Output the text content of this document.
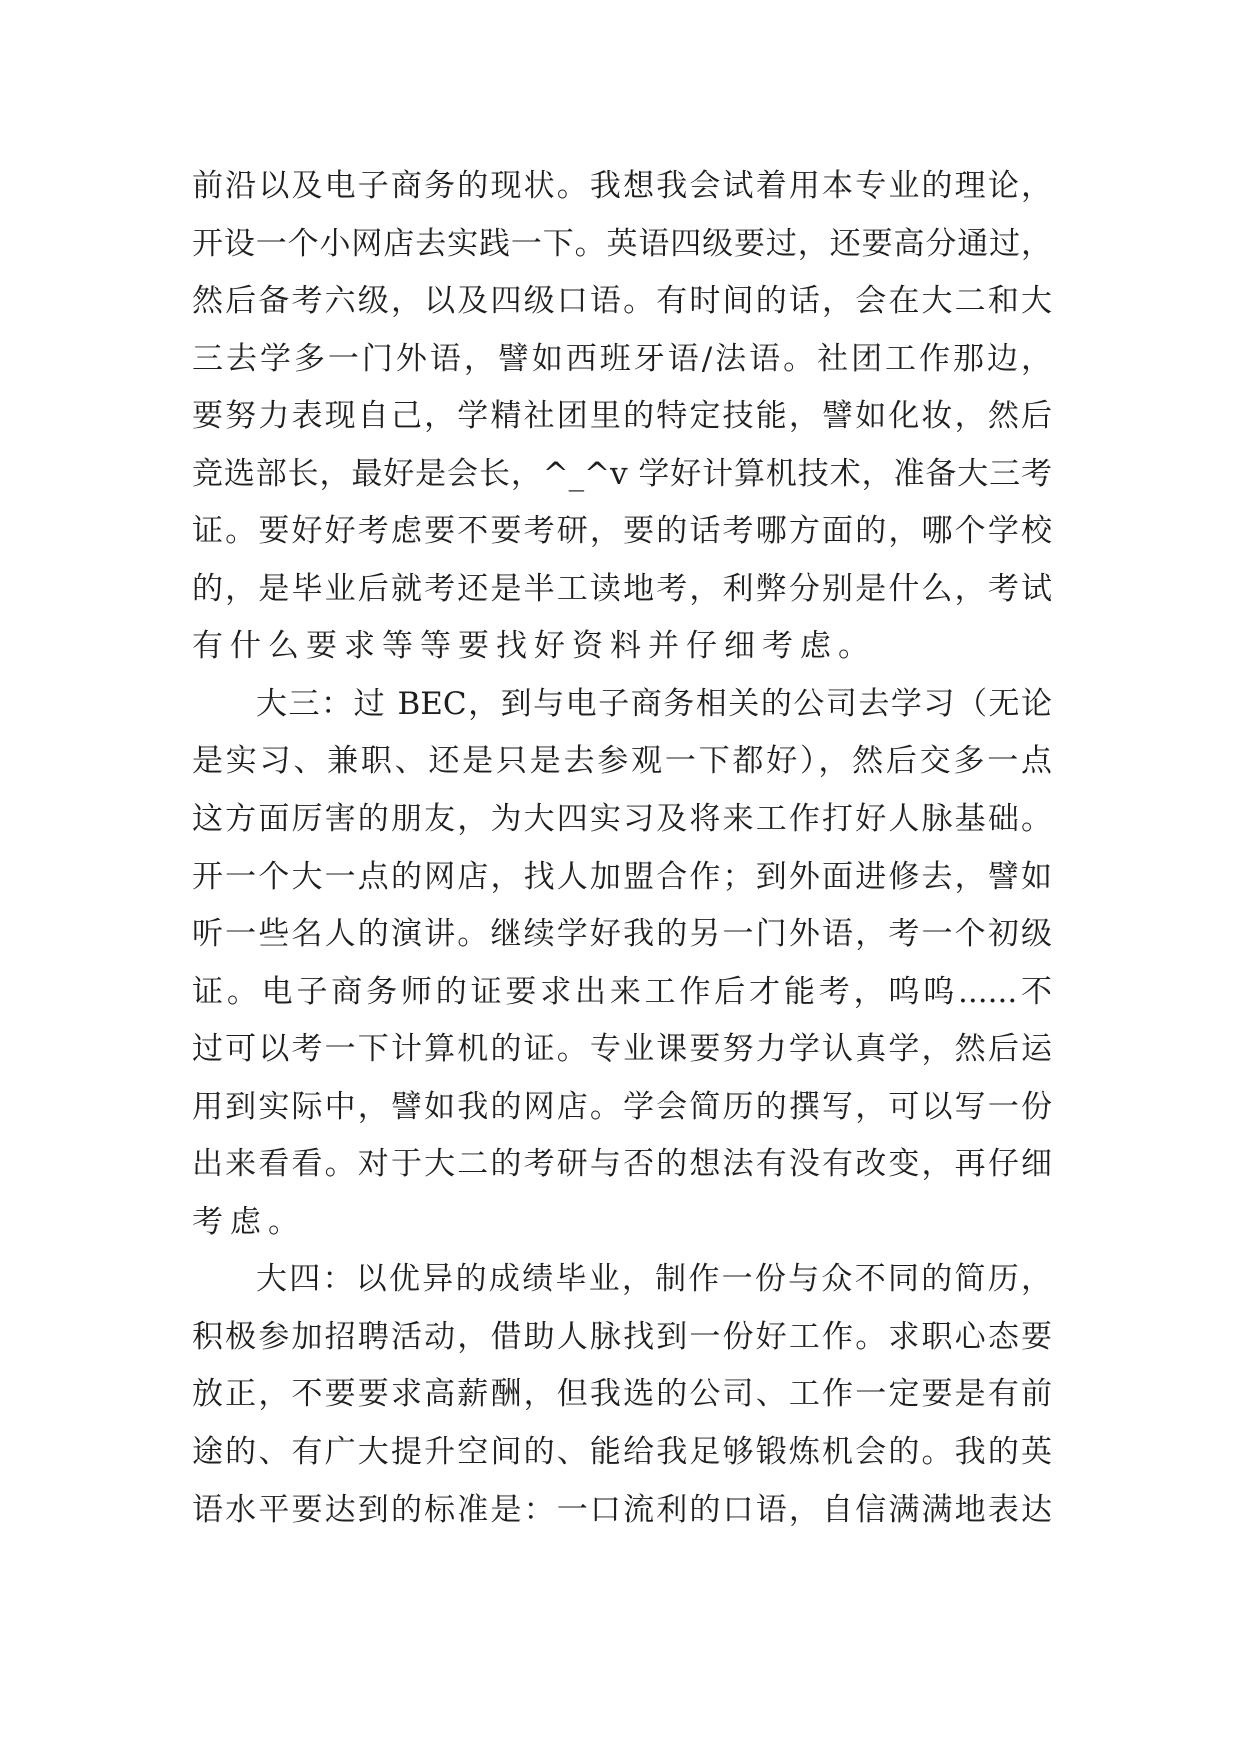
前沿以及电子商务的现状。我想我会试着用本专业的理论，
开设一个小网店去实践一下。英语四级要过，还要高分通过，
然后备考六级，以及四级口语。有时间的话，会在大二和大
三去学多一门外语，譬如西班牙语/法语。社团工作那边，
要努力表现自己，学精社团里的特定技能，譬如化妆，然后
竞选部长，最好是会长，^_^v 学好计算机技术，准备大三考
证。要好好考虑要不要考研，要的话考哪方面的，哪个学校
的，是毕业后就考还是半工读地考，利弊分别是什么，考试
有什么要求等等要找好资料并仔细考虑。
大三：过 BEC，到与电子商务相关的公司去学习（无论
是实习、兼职、还是只是去参观一下都好），然后交多一点
这方面厉害的朋友，为大四实习及将来工作打好人脉基础。
开一个大一点的网店，找人加盟合作；到外面进修去，譬如
听一些名人的演讲。继续学好我的另一门外语，考一个初级
证。电子商务师的证要求出来工作后才能考，呜呜......不
过可以考一下计算机的证。专业课要努力学认真学，然后运
用到实际中，譬如我的网店。学会简历的撰写，可以写一份
出来看看。对于大二的考研与否的想法有没有改变，再仔细
考虑。
大四：以优异的成绩毕业，制作一份与众不同的简历，
积极参加招聘活动，借助人脉找到一份好工作。求职心态要
放正，不要要求高薪酬，但我选的公司、工作一定要是有前
途的、有广大提升空间的、能给我足够锻炼机会的。我的英
语水平要达到的标准是：一口流利的口语，自信满满地表达
